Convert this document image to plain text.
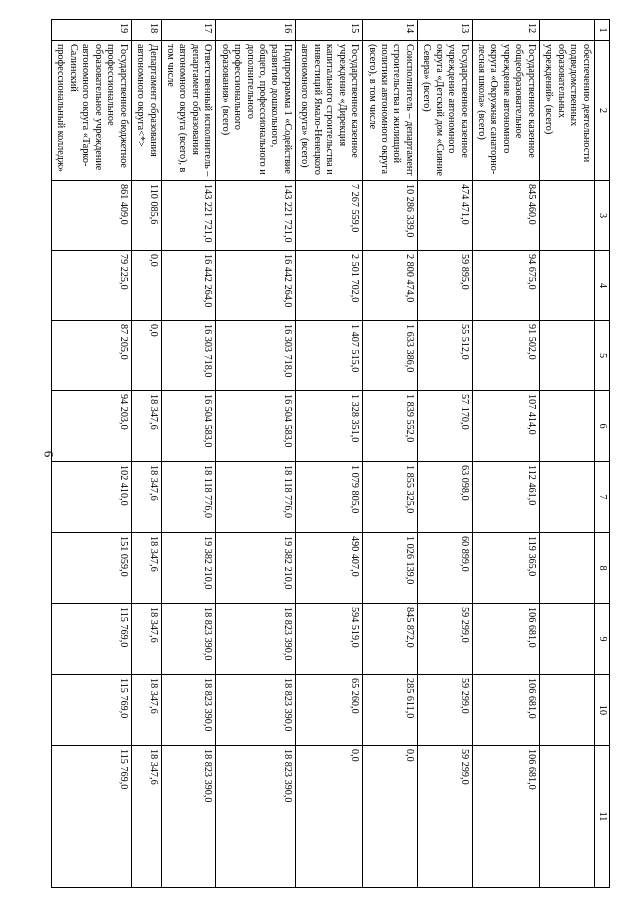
6
1	2	3	4	5	6	7	8	9	10	11
	обеспечению деятельности подведомственных образовательных учреждений» (всего)									
12	Государственное казенное общеобразовательное учреждение автономного округа «Окружная санаторно-лесная школа» (всего)	845 460,0	94 675,0	91 502,0	107 414,0	112 461,0	119 365,0	106 681,0	106 681,0	106 681,0
13	Государственное казенное учреждение автономного округа «Детский дом «Сияние Севера» (всего)	474 471,0	59 895,0	55 512,0	57 170,0	63 098,0	60 899,0	59 299,0	59 299,0	59 299,0
14	Соисполнитель – департамент строительства и жилищной политики автономного округа (всего), в том числе	10 286 339,0	2 800 474,0	1 633 386,0	1 839 552,0	1 855 325,0	1 026 139,0	845 872,0	285 611,0	0,0
15	Государственное казенное учреждение «Дирекция капитального строительства и инвестиций Ямало-Ненецкого автономного округа» (всего)	7 267 559,0	2 501 702,0	1 407 515,0	1 328 351,0	1 079 805,0	490 407,0	594 519,0	65 260,0	0,0
16	Подпрограмма 1 «Содействие развитию дошкольного, общего, профессионального и дополнительного профессионального образования» (всего)	143 221 721,0	16 442 264,0	16 303 718,0	16 504 583,0	18 118 776,0	19 382 210,0	18 823 390,0	18 823 390,0	18 823 390,0
17	Ответственный исполнитель – департамент образования автономного округа (всего), в том числе	143 221 721,0	16 442 264,0	16 303 718,0	16 504 583,0	18 118 776,0	19 382 210,0	18 823 390,0	18 823 390,0	18 823 390,0
18	Департамент образования автономного округа<*>	110 085,6	0,0	0,0	18 347,6	18 347,6	18 347,6	18 347,6	18 347,6	18 347,6
19	Государственное бюджетное профессиональное образовательное учреждение автономного округа «Тарко-Салинский профессиональный колледж»	861 409,0	79 225,0	87 205,0	94 203,0	102 410,0	151 059,0	115 769,0	115 769,0	115 769,0
